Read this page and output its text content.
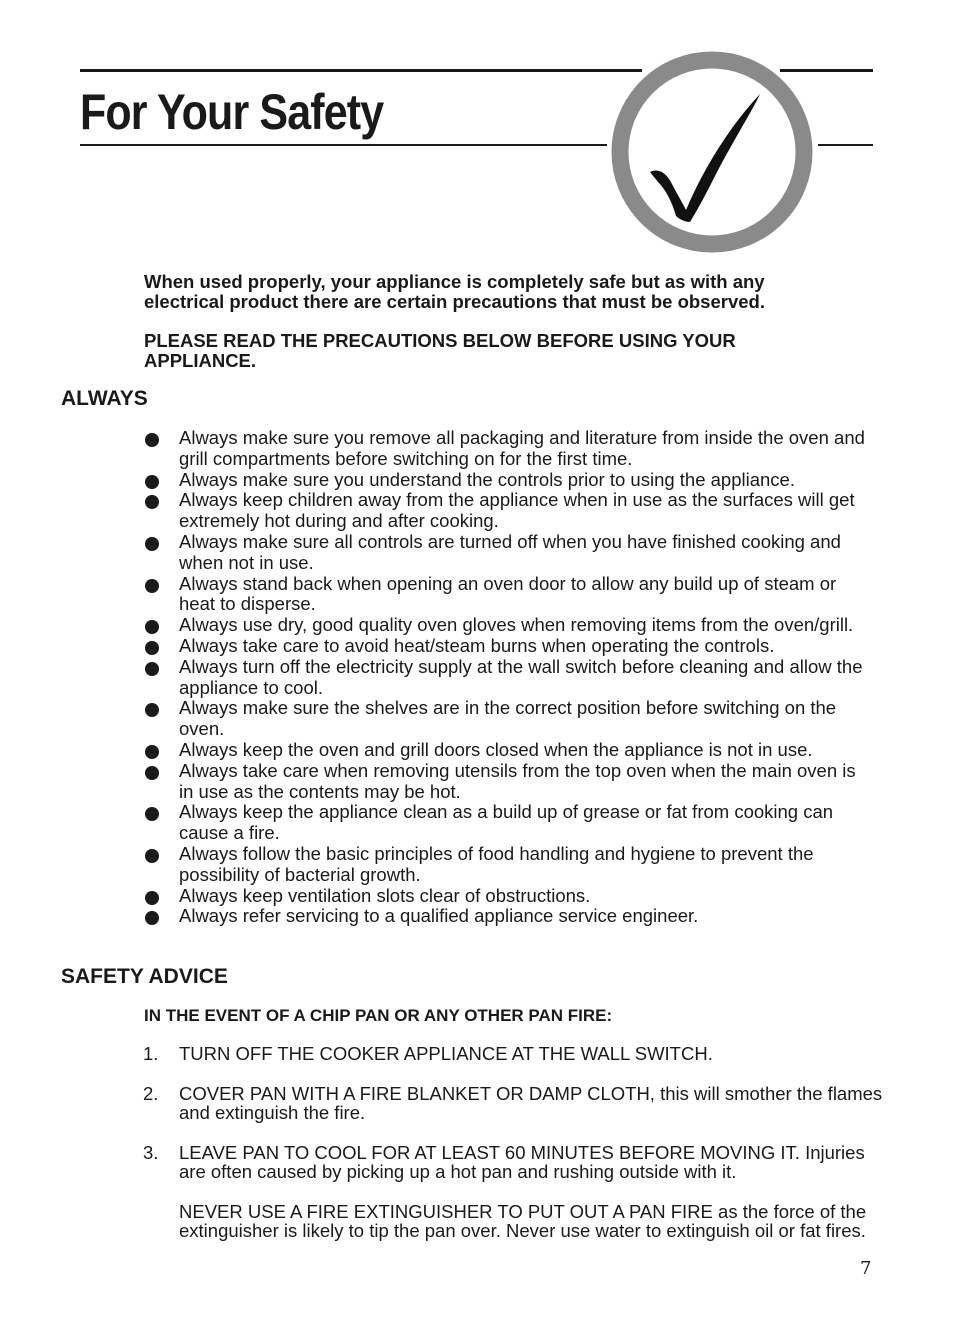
For Your Safety

When used properly, your appliance is completely safe but as with any electrical product there are certain precautions that must be observed.

PLEASE READ THE PRECAUTIONS BELOW BEFORE USING YOUR APPLIANCE.

ALWAYS
Always make sure you remove all packaging and literature from inside the oven and grill compartments before switching on for the first time.
Always make sure you understand the controls prior to using the appliance.
Always keep children away from the appliance when in use as the surfaces will get extremely hot during and after cooking.
Always make sure all controls are turned off when you have finished cooking and when not in use.
Always stand back when opening an oven door to allow any build up of steam or heat to disperse.
Always use dry, good quality oven gloves when removing items from the oven/grill.
Always take care to avoid heat/steam burns when operating the controls.
Always turn off the electricity supply at the wall switch before cleaning and allow the appliance to cool.
Always make sure the shelves are in the correct position before switching on the oven.
Always keep the oven and grill doors closed when the appliance is not in use.
Always take care when removing utensils from the top oven when the main oven is in use as the contents may be hot.
Always keep the appliance clean as a build up of grease or fat from cooking can cause a fire.
Always follow the basic principles of food handling and hygiene to prevent the possibility of bacterial growth.
Always keep ventilation slots clear of obstructions.
Always refer servicing to a qualified appliance service engineer.
SAFETY ADVICE

IN THE EVENT OF A CHIP PAN OR ANY OTHER PAN FIRE:

1. TURN OFF THE COOKER APPLIANCE AT THE WALL SWITCH.

2. COVER PAN WITH A FIRE BLANKET OR DAMP CLOTH, this will smother the flames and extinguish the fire.

3. LEAVE PAN TO COOL FOR AT LEAST 60 MINUTES BEFORE MOVING IT. Injuries are often caused by picking up a hot pan and rushing outside with it.

NEVER USE A FIRE EXTINGUISHER TO PUT OUT A PAN FIRE as the force of the extinguisher is likely to tip the pan over. Never use water to extinguish oil or fat fires.

7
